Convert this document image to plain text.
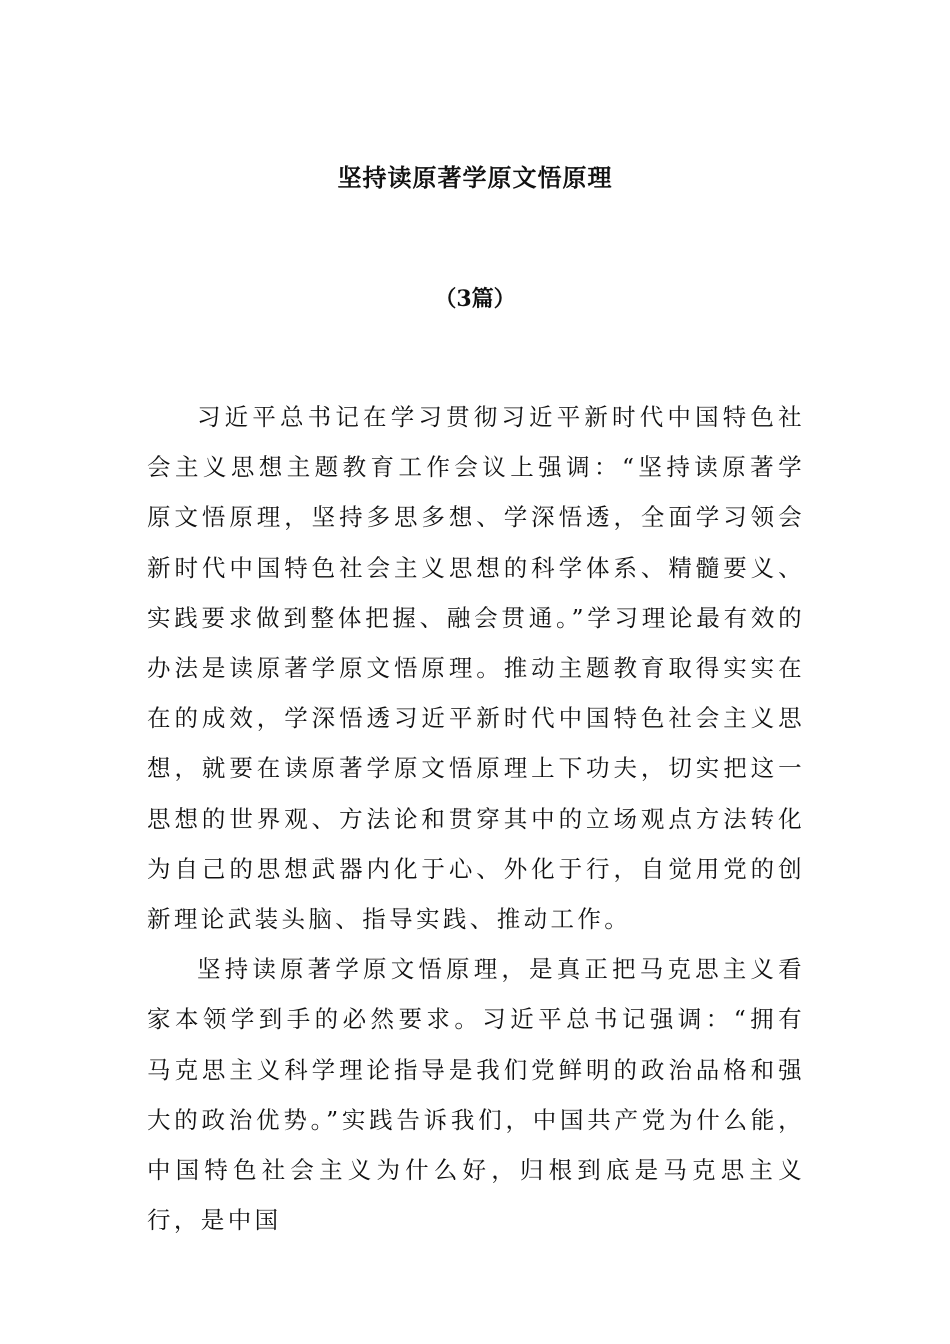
坚持读原著学原文悟原理
（3篇）

习近平总书记在学习贯彻习近平新时代中国特色社会主义思想主题教育工作会议上强调：“坚持读原著学原文悟原理，坚持多思多想、学深悟透，全面学习领会新时代中国特色社会主义思想的科学体系、精髓要义、实践要求做到整体把握、融会贯通。”学习理论最有效的办法是读原著学原文悟原理。推动主题教育取得实实在在的成效，学深悟透习近平新时代中国特色社会主义思想，就要在读原著学原文悟原理上下功夫，切实把这一思想的世界观、方法论和贯穿其中的立场观点方法转化为自己的思想武器内化于心、外化于行，自觉用党的创新理论武装头脑、指导实践、推动工作。

坚持读原著学原文悟原理，是真正把马克思主义看家本领学到手的必然要求。习近平总书记强调：“拥有马克思主义科学理论指导是我们党鲜明的政治品格和强大的政治优势。”实践告诉我们，中国共产党为什么能，中国特色社会主义为什么好，归根到底是马克思主义行，是中国
